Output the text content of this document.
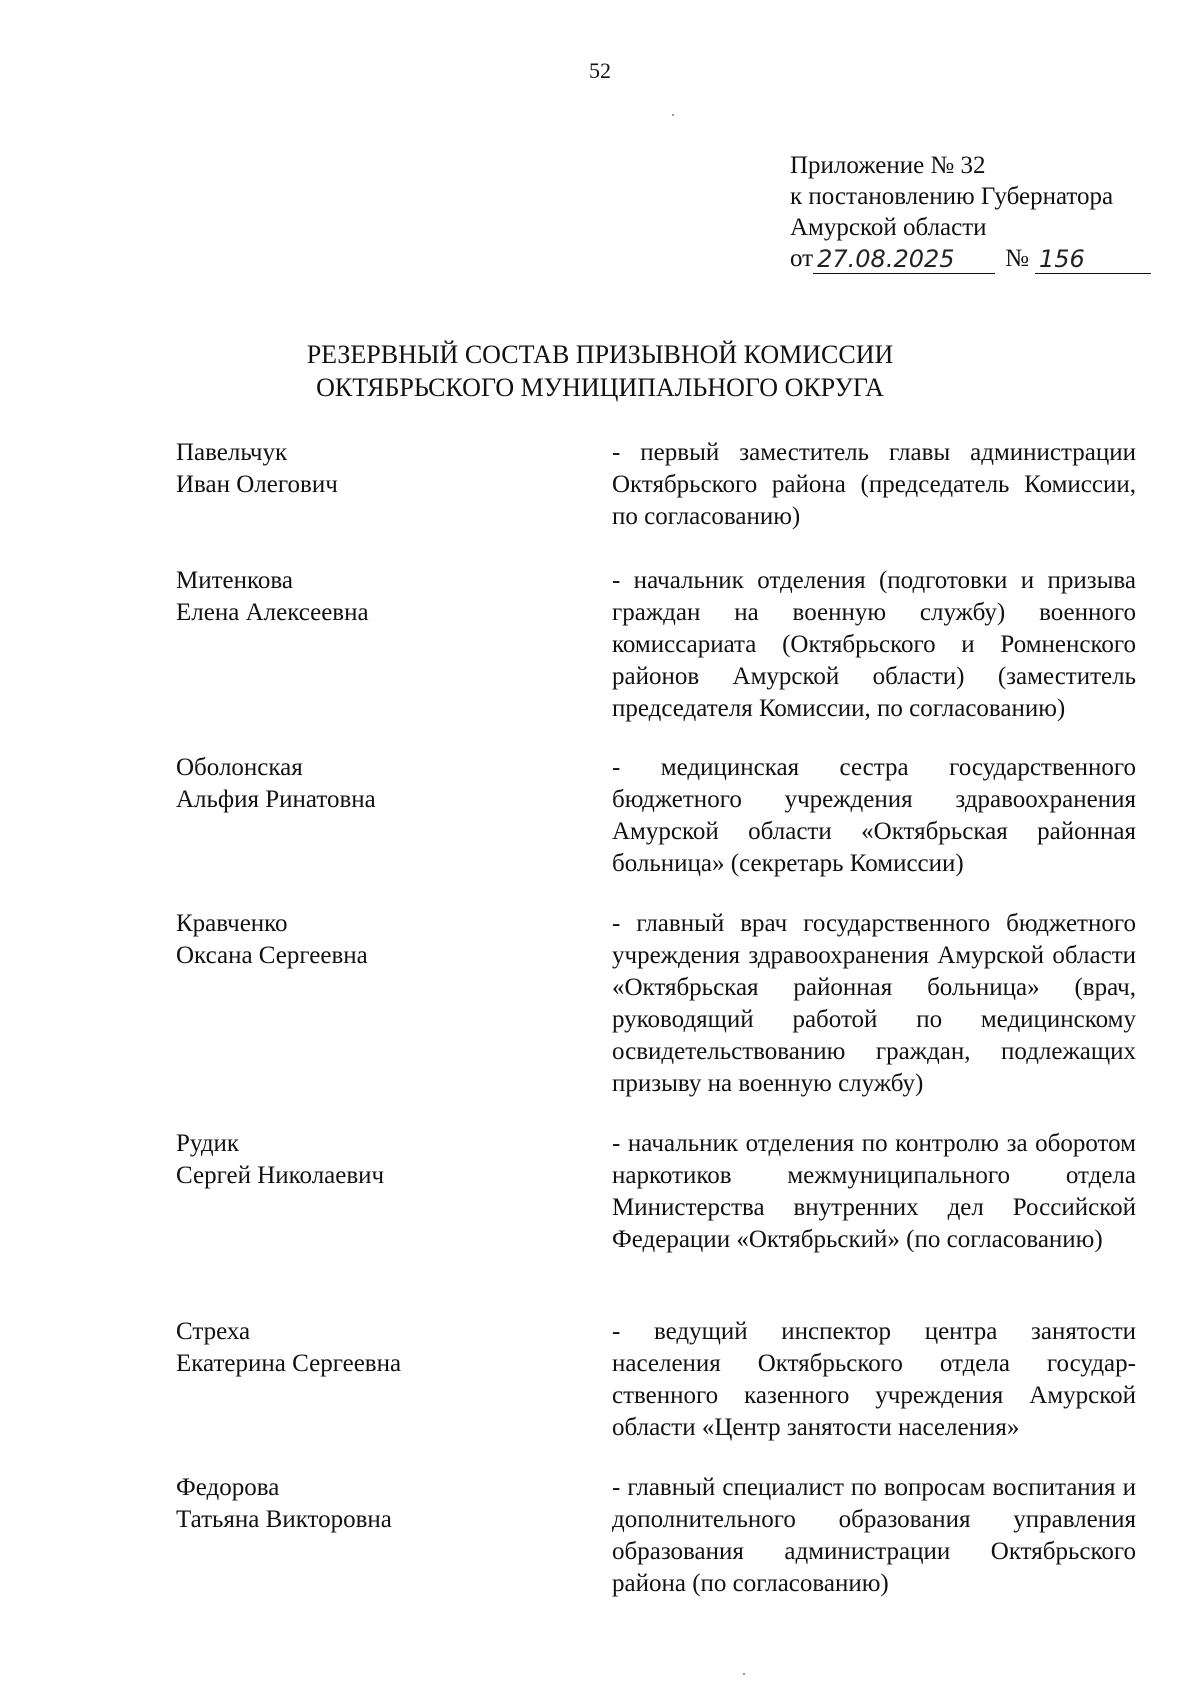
52
Приложение № 32
к постановлению Губернатора
Амурской области
от 27.08.2025	№ 156
РЕЗЕРВНЫЙ СОСТАВ ПРИЗЫВНОЙ КОМИССИИ
ОКТЯБРЬСКОГО МУНИЦИПАЛЬНОГО ОКРУГА
Павельчук
Иван Олегович
- первый заместитель главы администрации Октябрьского района (председатель Комиссии, по согласованию)
Митенкова
Елена Алексеевна
- начальник отделения (подготовки и призыва граждан на военную службу) военного комиссариата (Октябрьского и Ромненского районов Амурской области) (заместитель председателя Комиссии, по согласованию)
Оболонская
Альфия Ринатовна
- медицинская сестра государственного бюджетного учреждения здравоохранения Амурской области «Октябрьская районная больница» (секретарь Комиссии)
Кравченко
Оксана Сергеевна
- главный врач государственного бюджетного учреждения здравоохранения Амурской области «Октябрьская районная больница» (врач, руководящий работой по медицинскому освидетельствованию граждан, подлежащих призыву на военную службу)
Рудик
Сергей Николаевич
- начальник отделения по контролю за оборотом наркотиков межмуниципального отдела Министерства внутренних дел Российской Федерации «Октябрьский» (по согласованию)
Стреха
Екатерина Сергеевна
- ведущий инспектор центра занятости населения Октябрьского отдела государственного казенного учреждения Амурской области «Центр занятости населения»
Федорова
Татьяна Викторовна
- главный специалист по вопросам воспитания и дополнительного образования управления образования администрации Октябрьского района (по согласованию)
